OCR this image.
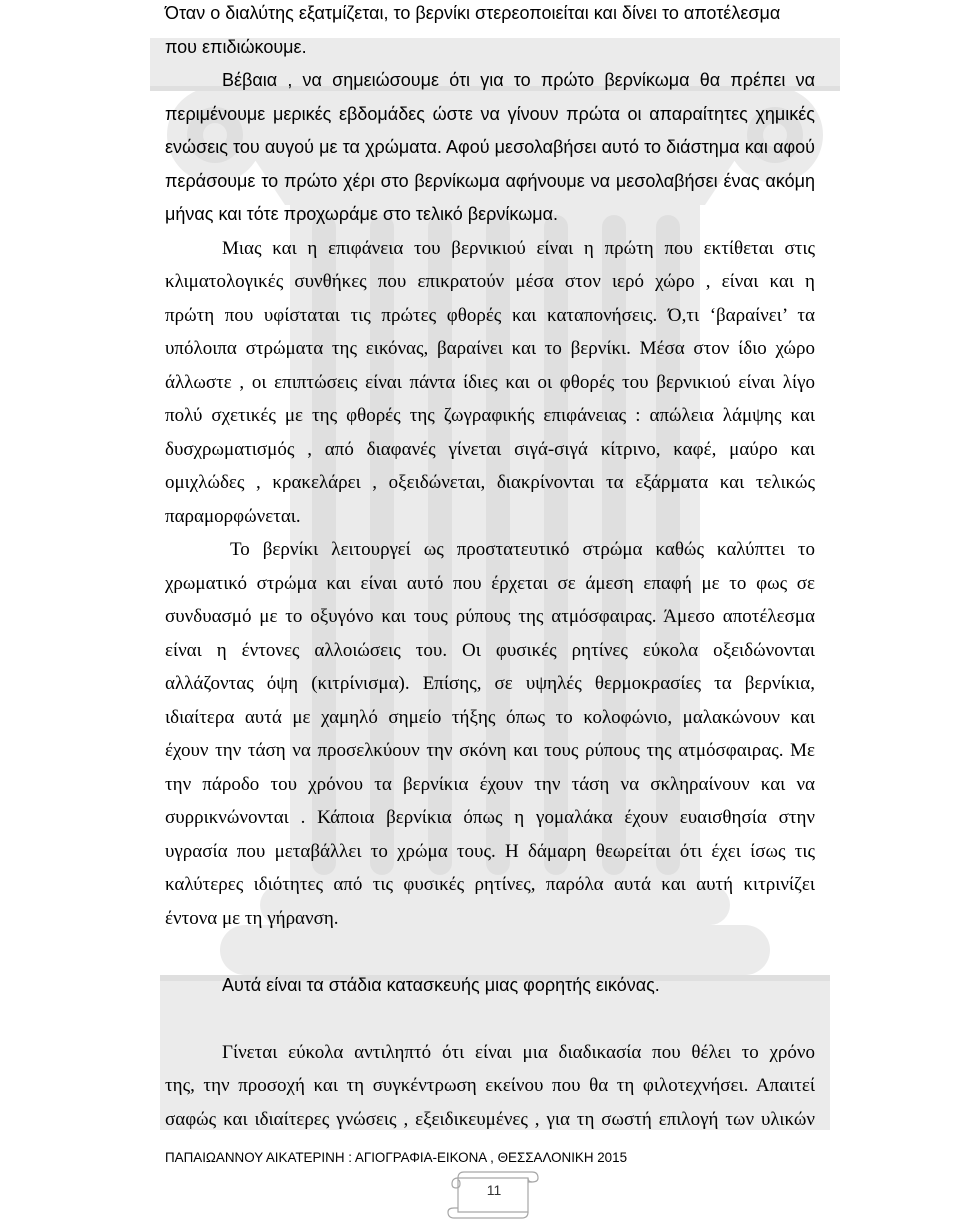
Όταν ο διαλύτης εξατμίζεται, το βερνίκι στερεοποιείται και δίνει το αποτέλεσμα
που επιδιώκουμε.
Βέβαια , να σημειώσουμε ότι για το πρώτο βερνίκωμα θα πρέπει να
περιμένουμε μερικές εβδομάδες ώστε να γίνουν πρώτα οι απαραίτητες χημικές
ενώσεις του αυγού με τα χρώματα. Αφού μεσολαβήσει αυτό το διάστημα και αφού
περάσουμε το πρώτο χέρι στο βερνίκωμα αφήνουμε να μεσολαβήσει ένας ακόμη
μήνας και τότε προχωράμε στο τελικό βερνίκωμα.
Μιας και η επιφάνεια του βερνικιού είναι η πρώτη που εκτίθεται στις
κλιματολογικές συνθήκες που επικρατούν μέσα στον ιερό χώρο , είναι και η
πρώτη που υφίσταται τις πρώτες φθορές και καταπονήσεις. Ό,τι ‘βαραίνει’ τα
υπόλοιπα στρώματα της εικόνας, βαραίνει και το βερνίκι. Μέσα στον ίδιο χώρο
άλλωστε , οι επιπτώσεις είναι πάντα ίδιες και οι φθορές του βερνικιού είναι λίγο
πολύ σχετικές με της φθορές της ζωγραφικής επιφάνειας : απώλεια λάμψης και
δυσχρωματισμός , από διαφανές γίνεται σιγά-σιγά κίτρινο, καφέ, μαύρο και
ομιχλώδες , κρακελάρει , οξειδώνεται, διακρίνονται τα εξάρματα και τελικώς
παραμορφώνεται.
Το βερνίκι λειτουργεί ως προστατευτικό στρώμα καθώς καλύπτει το
χρωματικό στρώμα και είναι αυτό που έρχεται σε άμεση επαφή με το φως σε
συνδυασμό με το οξυγόνο και τους ρύπους της ατμόσφαιρας. Άμεσο αποτέλεσμα
είναι η έντονες αλλοιώσεις του. Οι φυσικές ρητίνες εύκολα οξειδώνονται
αλλάζοντας όψη (κιτρίνισμα). Επίσης, σε υψηλές θερμοκρασίες τα βερνίκια,
ιδιαίτερα αυτά με χαμηλό σημείο τήξης όπως το κολοφώνιο, μαλακώνουν και
έχουν την τάση να προσελκύουν την σκόνη και τους ρύπους της ατμόσφαιρας. Με
την πάροδο του χρόνου τα βερνίκια έχουν την τάση να σκληραίνουν και να
συρρικνώνονται . Κάποια βερνίκια όπως η γομαλάκα έχουν ευαισθησία στην
υγρασία που μεταβάλλει το χρώμα τους. Η δάμαρη θεωρείται ότι έχει ίσως τις
καλύτερες ιδιότητες από τις φυσικές ρητίνες, παρόλα αυτά και αυτή κιτρινίζει
έντονα με τη γήρανση.
Αυτά είναι τα στάδια κατασκευής μιας φορητής εικόνας.
Γίνεται εύκολα αντιληπτό ότι είναι μια διαδικασία που θέλει το χρόνο
της, την προσοχή και τη συγκέντρωση εκείνου που θα τη φιλοτεχνήσει. Απαιτεί
σαφώς και ιδιαίτερες γνώσεις , εξειδικευμένες , για τη σωστή επιλογή των υλικών
ΠΑΠΑΙΩΑΝΝΟΥ ΑΙΚΑΤΕΡΙΝΗ : ΑΓΙΟΓΡΑΦΙΑ-ΕΙΚΟΝΑ , ΘΕΣΣΑΛΟΝΙΚΗ 2015
11
